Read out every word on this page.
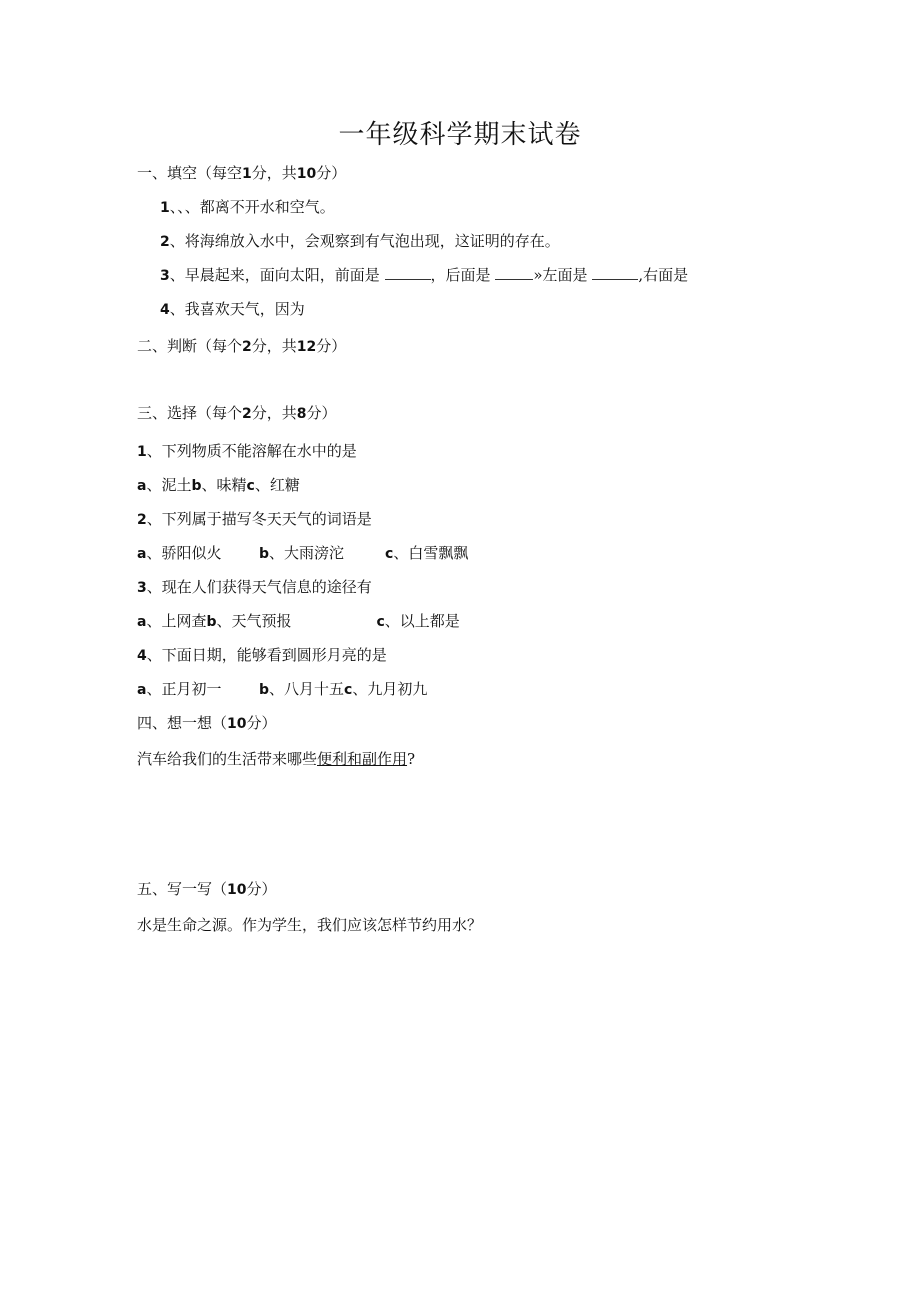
一年级科学期末试卷
一、填空（每空1分，共10分）
1、、、都离不开水和空气。
2、将海绵放入水中，会观察到有气泡出现，这证明的存在。
3、早晨起来，面向太阳，前面是	，后面是	»左面是	,右面是
4、我喜欢天气，因为
二、判断（每个2分，共12分）
三、选择（每个2分，共8分）
1、下列物质不能溶解在水中的是
a、泥土b、味精c、红糖
2、下列属于描写冬天天气的词语是
a、骄阳似火	b、大雨滂沱	c、白雪飘飘
3、现在人们获得天气信息的途径有
a、上网查b、天气预报	c、以上都是
4、下面日期，能够看到圆形月亮的是
a、正月初一	b、八月十五c、九月初九
四、想一想（10分）
汽车给我们的生活带来哪些便利和副作用?
五、写一写（10分）
水是生命之源。作为学生，我们应该怎样节约用水？
